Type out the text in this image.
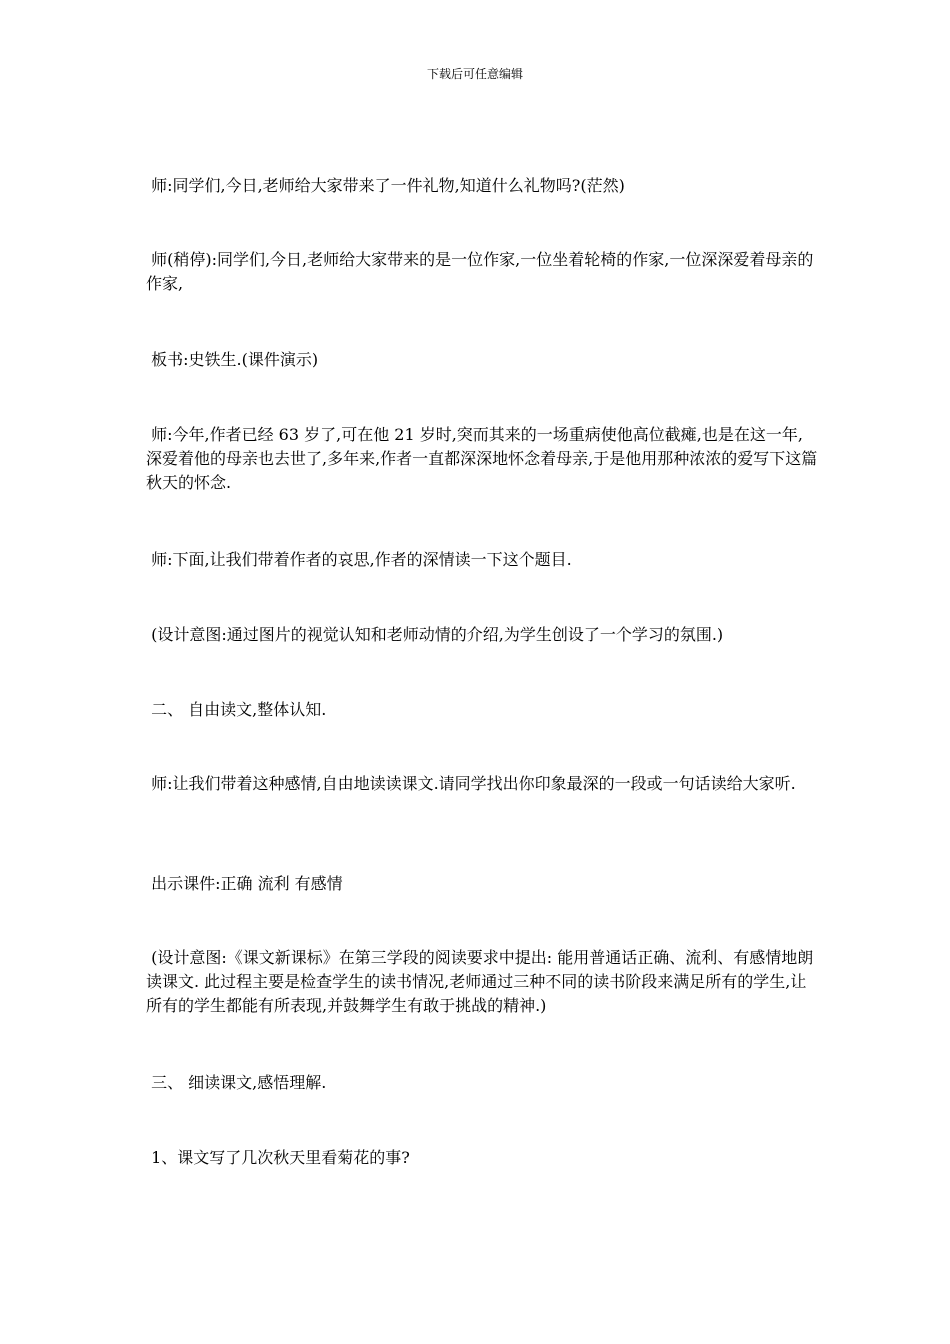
下载后可任意编辑
师:同学们,今日,老师给大家带来了一件礼物,知道什么礼物吗?(茫然)
师(稍停):同学们,今日,老师给大家带来的是一位作家,一位坐着轮椅的作家,一位深深爱着母亲的作家,
板书:史铁生.(课件演示)
师:今年,作者已经 63 岁了,可在他 21 岁时,突而其来的一场重病使他高位截瘫,也是在这一年,深爱着他的母亲也去世了,多年来,作者一直都深深地怀念着母亲,于是他用那种浓浓的爱写下这篇秋天的怀念.
师:下面,让我们带着作者的哀思,作者的深情读一下这个题目.
(设计意图:通过图片的视觉认知和老师动情的介绍,为学生创设了一个学习的氛围.)
二、 自由读文,整体认知.
师:让我们带着这种感情,自由地读读课文.请同学找出你印象最深的一段或一句话读给大家听.
出示课件:正确 流利 有感情
(设计意图:《课文新课标》在第三学段的阅读要求中提出: 能用普通话正确、流利、有感情地朗读课文. 此过程主要是检查学生的读书情况,老师通过三种不同的读书阶段来满足所有的学生,让所有的学生都能有所表现,并鼓舞学生有敢于挑战的精神.)
三、 细读课文,感悟理解.
1、课文写了几次秋天里看菊花的事?
